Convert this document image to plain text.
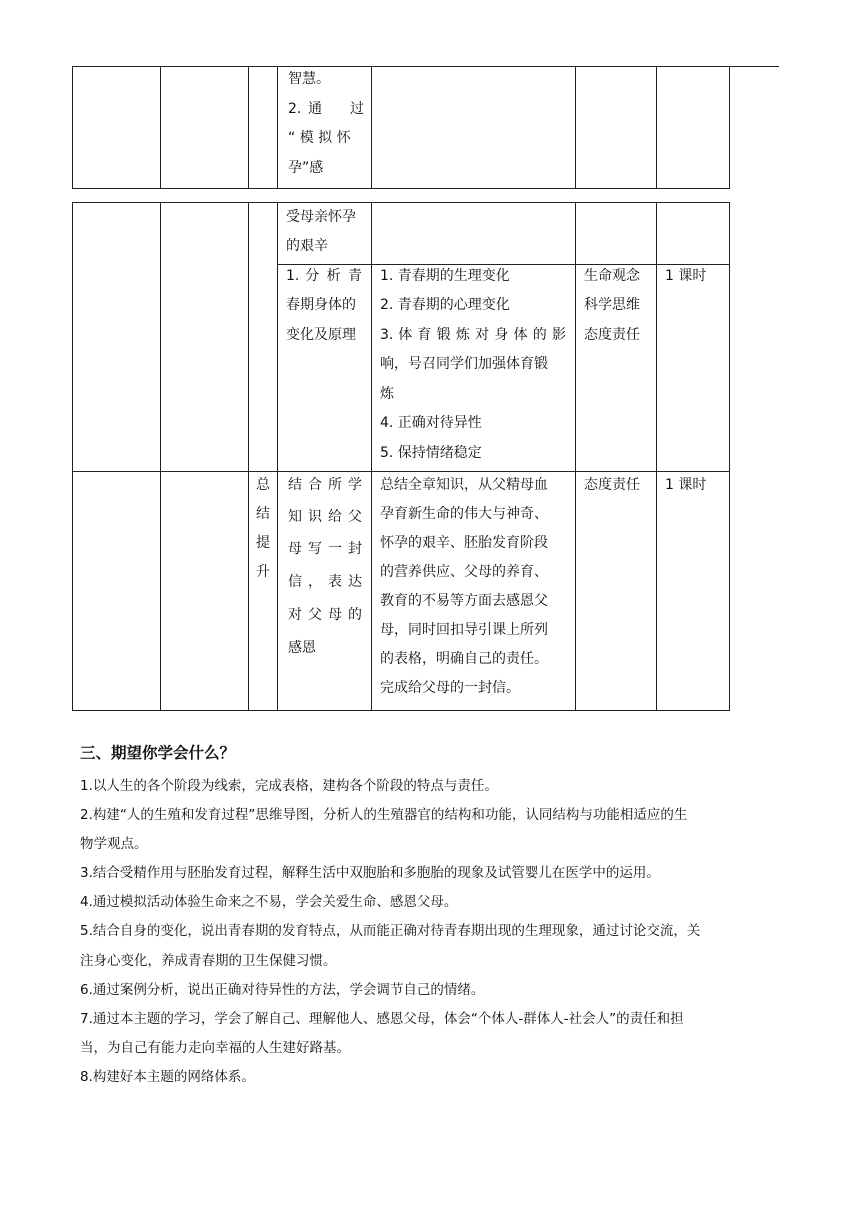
智慧。
2. 通 过
“ 模 拟 怀
孕”感
受母亲怀孕
的艰辛
1. 分 析 青
春期身体的
变化及原理
1. 青春期的生理变化
2. 青春期的心理变化
3. 体 育 锻 炼 对 身 体 的 影
响，号召同学们加强体育锻
炼
4. 正确对待异性
5. 保持情绪稳定
生命观念
科学思维
态度责任
1 课时
总
结
提
升
结 合 所 学
知 识 给 父
母 写 一 封
信 ， 表 达
对 父 母 的
感恩
总结全章知识，从父精母血
孕育新生命的伟大与神奇、
怀孕的艰辛、胚胎发育阶段
的营养供应、父母的养育、
教育的不易等方面去感恩父
母，同时回扣导引课上所列
的表格，明确自己的责任。
完成给父母的一封信。
态度责任 1 课时
三、期望你学会什么？
1.以人生的各个阶段为线索，完成表格，建构各个阶段的特点与责任。
2.构建“人的生殖和发育过程”思维导图，分析人的生殖器官的结构和功能，认同结构与功能相适应的生
物学观点。
3.结合受精作用与胚胎发育过程，解释生活中双胞胎和多胞胎的现象及试管婴儿在医学中的运用。
4.通过模拟活动体验生命来之不易，学会关爱生命、感恩父母。
5.结合自身的变化，说出青春期的发育特点，从而能正确对待青春期出现的生理现象，通过讨论交流，关
注身心变化，养成青春期的卫生保健习惯。
6.通过案例分析，说出正确对待异性的方法，学会调节自己的情绪。
7.通过本主题的学习，学会了解自己、理解他人、感恩父母，体会“个体人-群体人-社会人”的责任和担
当，为自己有能力走向幸福的人生建好路基。
8.构建好本主题的网络体系。
